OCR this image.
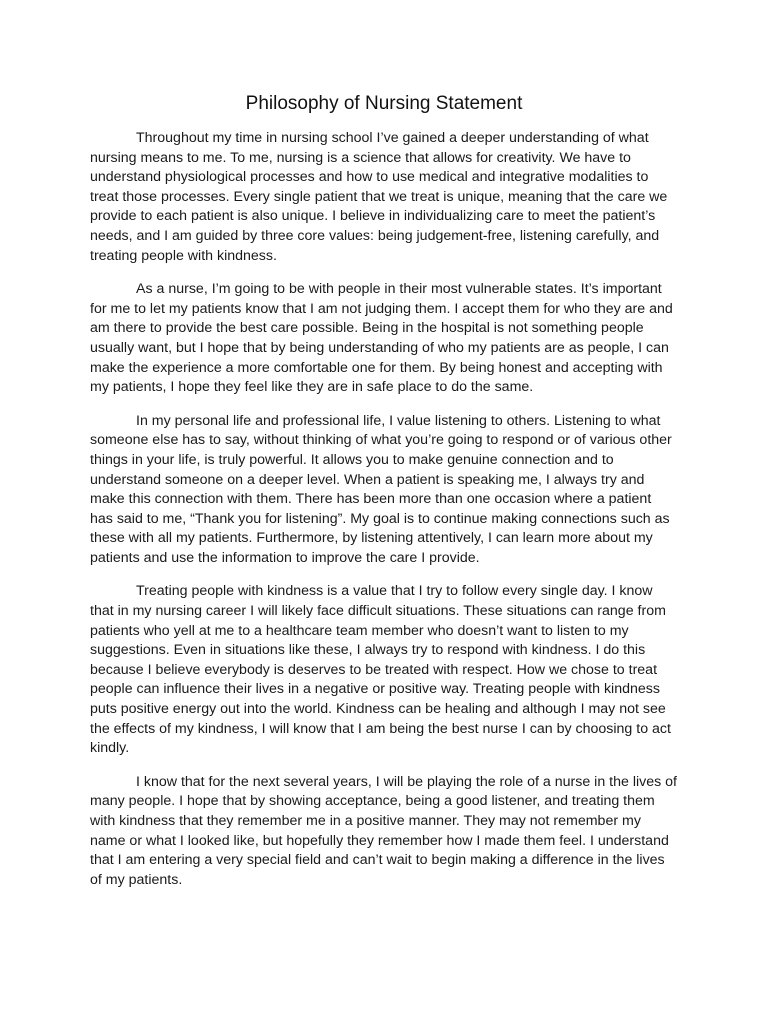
Philosophy of Nursing Statement

Throughout my time in nursing school I’ve gained a deeper understanding of what nursing means to me. To me, nursing is a science that allows for creativity. We have to understand physiological processes and how to use medical and integrative modalities to treat those processes. Every single patient that we treat is unique, meaning that the care we provide to each patient is also unique. I believe in individualizing care to meet the patient’s needs, and I am guided by three core values: being judgement-free, listening carefully, and treating people with kindness.

As a nurse, I’m going to be with people in their most vulnerable states. It’s important for me to let my patients know that I am not judging them. I accept them for who they are and am there to provide the best care possible. Being in the hospital is not something people usually want, but I hope that by being understanding of who my patients are as people, I can make the experience a more comfortable one for them. By being honest and accepting with my patients, I hope they feel like they are in safe place to do the same.

In my personal life and professional life, I value listening to others. Listening to what someone else has to say, without thinking of what you’re going to respond or of various other things in your life, is truly powerful. It allows you to make genuine connection and to understand someone on a deeper level. When a patient is speaking me, I always try and make this connection with them. There has been more than one occasion where a patient has said to me, “Thank you for listening”. My goal is to continue making connections such as these with all my patients. Furthermore, by listening attentively, I can learn more about my patients and use the information to improve the care I provide.

Treating people with kindness is a value that I try to follow every single day. I know that in my nursing career I will likely face difficult situations. These situations can range from patients who yell at me to a healthcare team member who doesn’t want to listen to my suggestions. Even in situations like these, I always try to respond with kindness. I do this because I believe everybody is deserves to be treated with respect. How we chose to treat people can influence their lives in a negative or positive way. Treating people with kindness puts positive energy out into the world. Kindness can be healing and although I may not see the effects of my kindness, I will know that I am being the best nurse I can by choosing to act kindly.

I know that for the next several years, I will be playing the role of a nurse in the lives of many people. I hope that by showing acceptance, being a good listener, and treating them with kindness that they remember me in a positive manner. They may not remember my name or what I looked like, but hopefully they remember how I made them feel. I understand that I am entering a very special field and can’t wait to begin making a difference in the lives of my patients.
